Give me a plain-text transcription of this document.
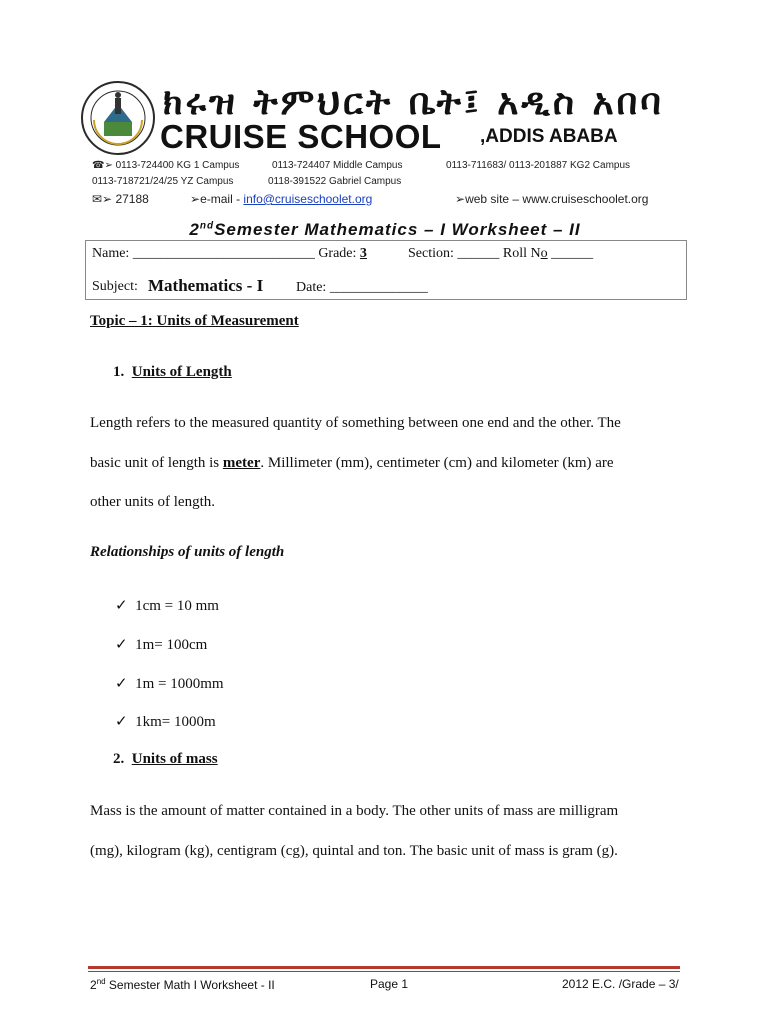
ክሩዝ ትምህርት ቤት፤ አዲስ አበባ
CRUISE SCHOOL ,ADDIS ABABA
☎➢ 0113-724400 KG 1 Campus	0113-724407 Middle Campus	0113-711683/ 0113-201887 KG2 Campus
0113-718721/24/25 YZ Campus	0118-391522 Gabriel Campus
✉➢ 27188	➢e-mail - info@cruiseschoolet.org	➢web site – www.cruiseschoolet.org
2ndSemester Mathematics – I Worksheet – II
Name: __________________________ Grade: 3	Section: ______ Roll No ______
Subject: Mathematics - I Date: ______________
Topic – 1: Units of Measurement
1. Units of Length
Length refers to the measured quantity of something between one end and the other. The
basic unit of length is meter. Millimeter (mm), centimeter (cm) and kilometer (km) are
other units of length.
Relationships of units of length
✓ 1cm = 10 mm
✓ 1m= 100cm
✓ 1m = 1000mm
✓ 1km= 1000m
2. Units of mass
Mass is the amount of matter contained in a body. The other units of mass are milligram
(mg), kilogram (kg), centigram (cg), quintal and ton. The basic unit of mass is gram (g).
2nd Semester Math I Worksheet - II	Page 1	2012 E.C. /Grade – 3/
